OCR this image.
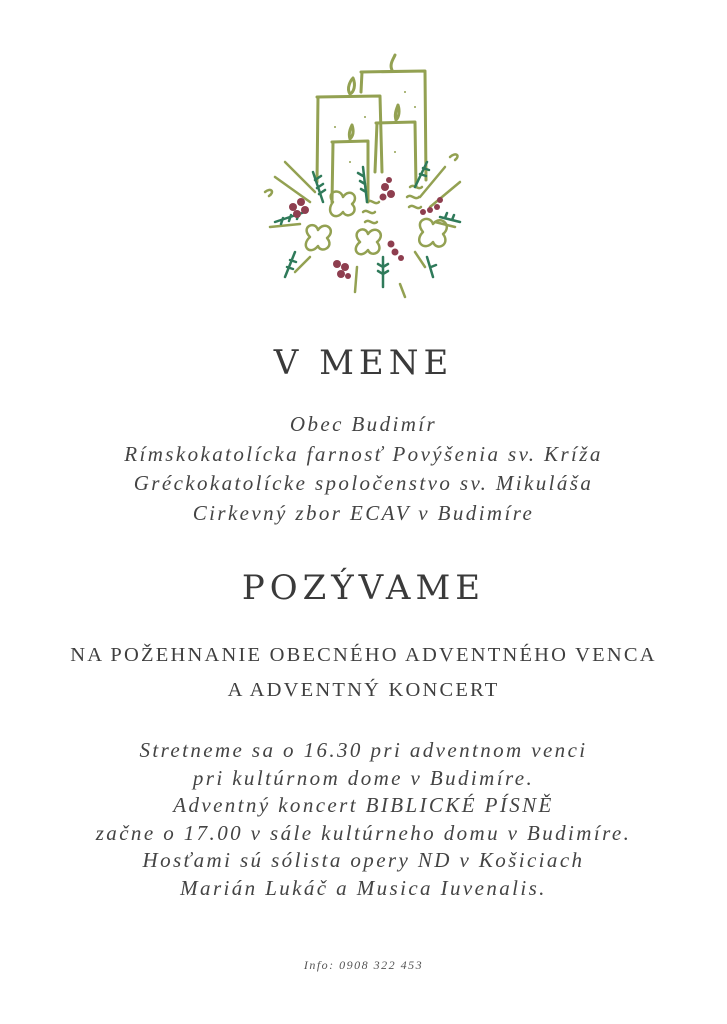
V MENE
Obec Budimír
Rímskokatolícka farnosť Povýšenia sv. Kríža
Gréckokatolícke spoločenstvo sv. Mikuláša
Cirkevný zbor ECAV v Budimíre
POZÝVAME
NA POŽEHNANIE OBECNÉHO ADVENTNÉHO VENCA
A ADVENTNÝ KONCERT
Stretneme sa o 16.30 pri adventnom venci
pri kultúrnom dome v Budimíre.
Adventný koncert BIBLICKÉ PÍSNĚ
začne o 17.00 v sále kultúrneho domu v Budimíre.
Hosťami sú sólista opery ND v Košiciach
Marián Lukáč a Musica Iuvenalis.
Info: 0908 322 453
